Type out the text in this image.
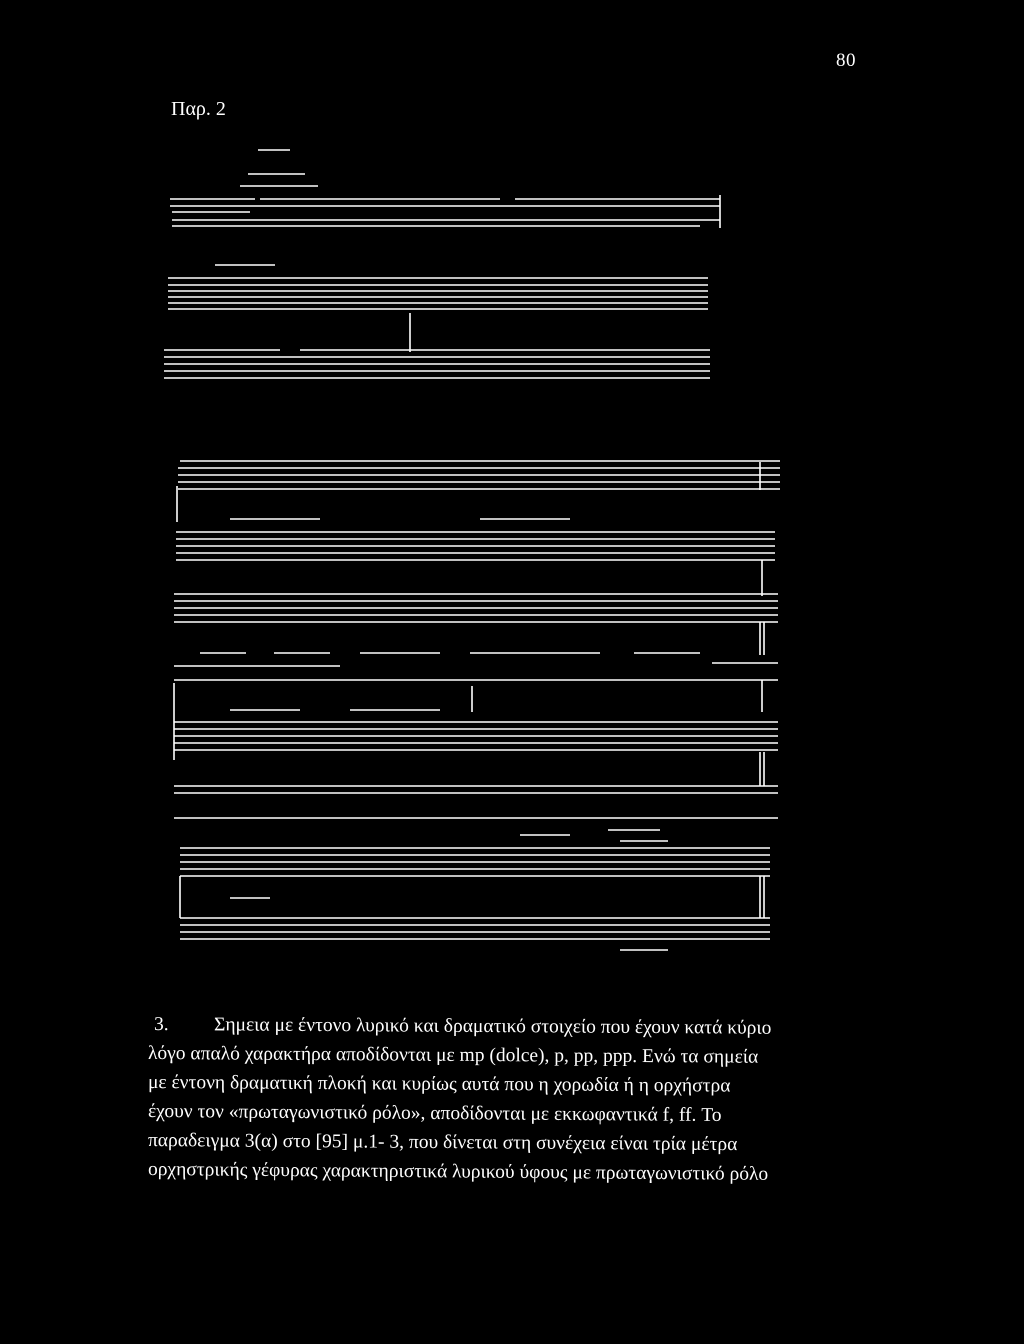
80
Παρ. 2
3. Σημεια με έντονο λυρικό και δραματικό στοιχείο που έχουν κατά κύριο
λόγο απαλό χαρακτήρα αποδίδονται με mp (dolce), p, pp, ppp. Ενώ τα σημεία
με έντονη δραματική πλοκή και κυρίως αυτά που η χορωδία ή η ορχήστρα
έχουν τον «πρωταγωνιστικό ρόλο», αποδίδονται με εκκωφαντικά f, ff. Το
παραδειγμα 3(α) στο [95] μ.1- 3, που δίνεται στη συνέχεια είναι τρία μέτρα
ορχηστρικής γέφυρας χαρακτηριστικά λυρικού ύφους με πρωταγωνιστικό ρόλο
